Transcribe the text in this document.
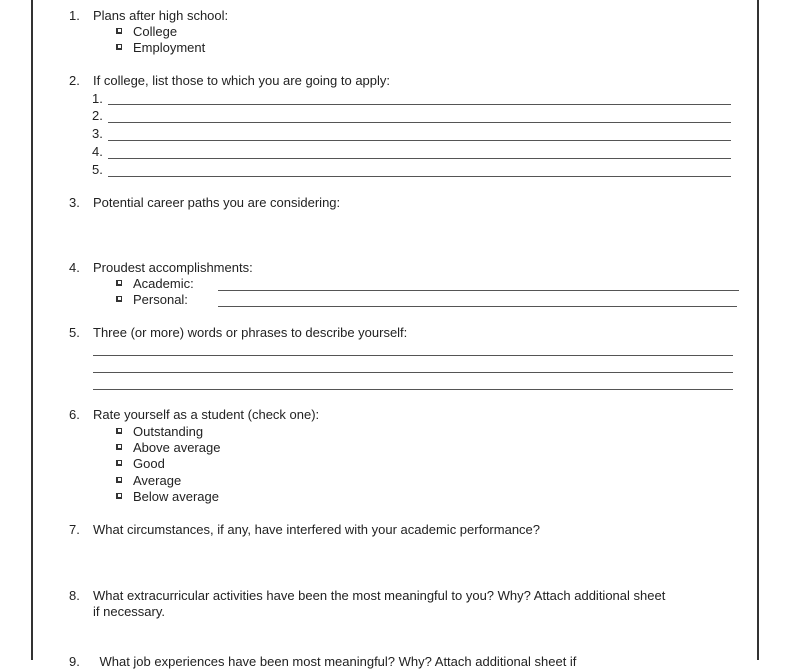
1. Plans after high school:
College
Employment
2. If college, list those to which you are going to apply:
1.
2.
3.
4.
5.
3. Potential career paths you are considering:
4. Proudest accomplishments:
Academic:
Personal:
5. Three (or more) words or phrases to describe yourself:
6. Rate yourself as a student (check one):
Outstanding
Above average
Good
Average
Below average
7. What circumstances, if any, have interfered with your academic performance?
8. What extracurricular activities have been the most meaningful to you? Why? Attach additional sheet
if necessary.
9. What job experiences have been most meaningful? Why? Attach additional sheet if
